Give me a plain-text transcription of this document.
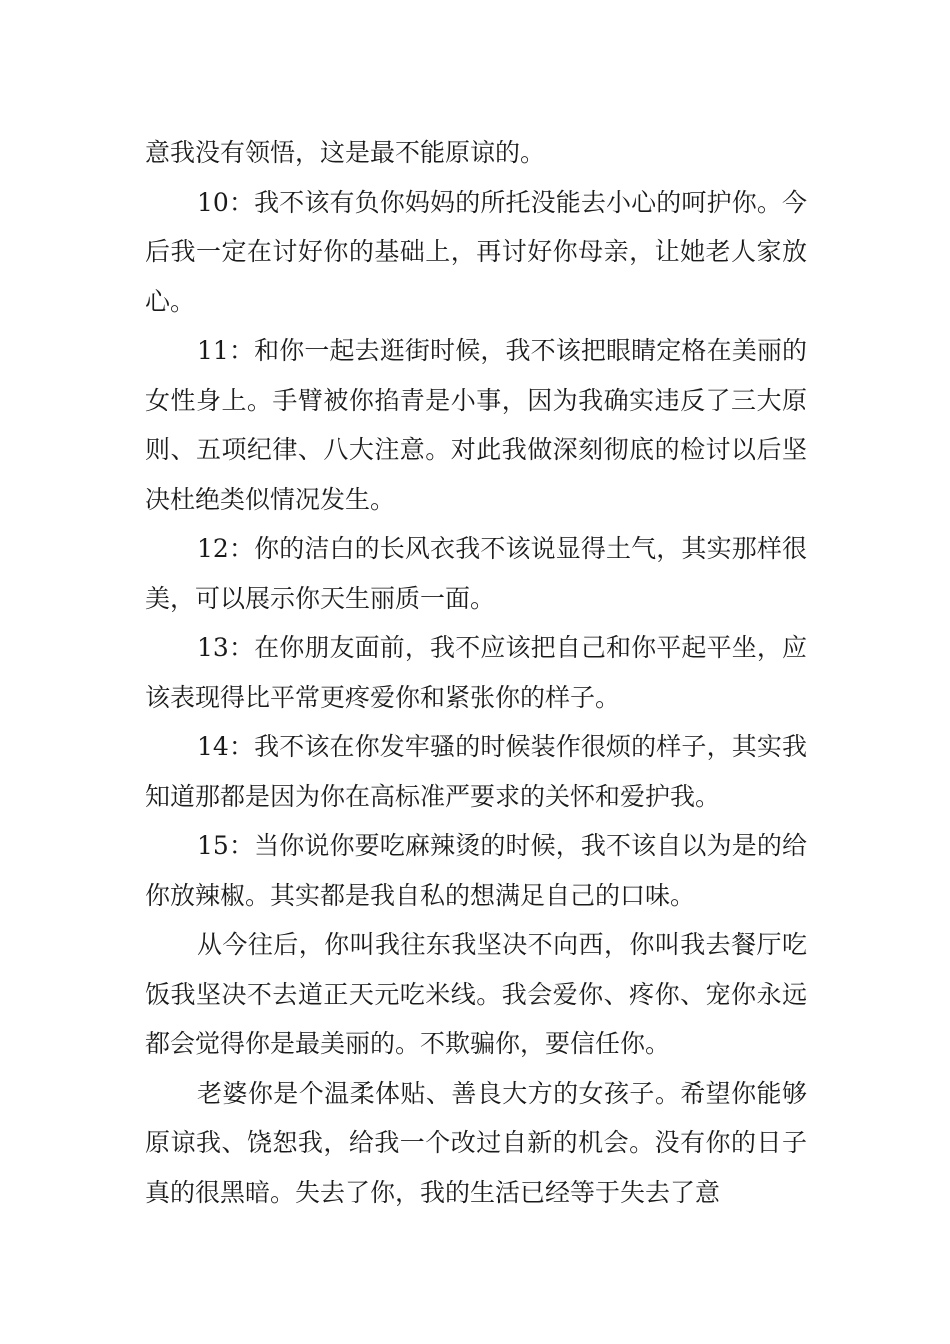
意我没有领悟，这是最不能原谅的。

10：我不该有负你妈妈的所托没能去小心的呵护你。今后我一定在讨好你的基础上，再讨好你母亲，让她老人家放心。

11：和你一起去逛街时候，我不该把眼睛定格在美丽的女性身上。手臂被你掐青是小事，因为我确实违反了三大原则、五项纪律、八大注意。对此我做深刻彻底的检讨以后坚决杜绝类似情况发生。

12：你的洁白的长风衣我不该说显得土气，其实那样很美，可以展示你天生丽质一面。

13：在你朋友面前，我不应该把自己和你平起平坐，应该表现得比平常更疼爱你和紧张你的样子。

14：我不该在你发牢骚的时候装作很烦的样子，其实我知道那都是因为你在高标准严要求的关怀和爱护我。

15：当你说你要吃麻辣烫的时候，我不该自以为是的给你放辣椒。其实都是我自私的想满足自己的口味。

从今往后，你叫我往东我坚决不向西，你叫我去餐厅吃饭我坚决不去道正天元吃米线。我会爱你、疼你、宠你永远都会觉得你是最美丽的。不欺骗你，要信任你。

老婆你是个温柔体贴、善良大方的女孩子。希望你能够原谅我、饶恕我，给我一个改过自新的机会。没有你的日子真的很黑暗。失去了你，我的生活已经等于失去了意
